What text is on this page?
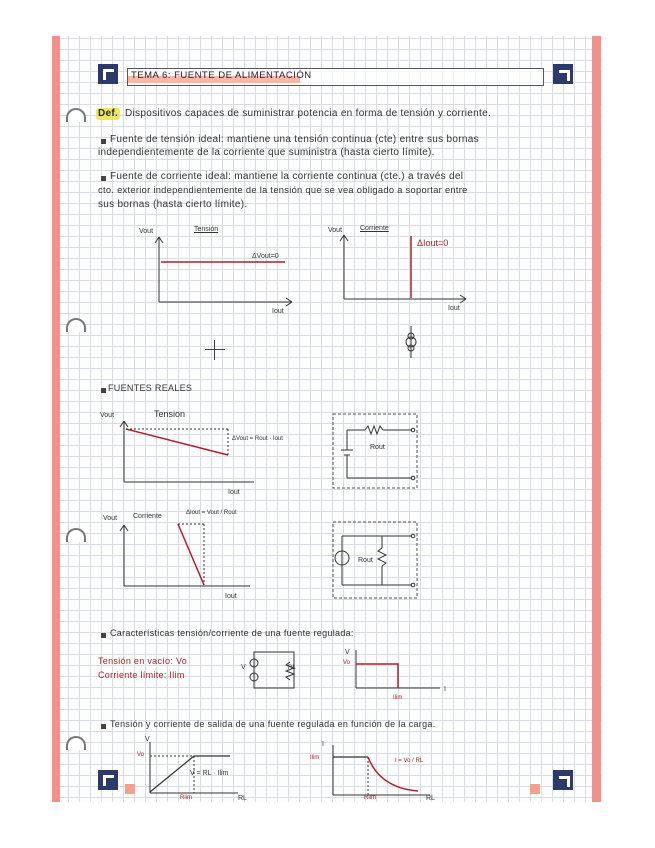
TEMA 6: FUENTE DE ALIMENTACIÓN
Def. Dispositivos capaces de suministrar potencia en forma de tensión y corriente.
Fuente de tensión ideal: mantiene una tensión continua (cte) entre sus bornas
independientemente de la corriente que suministra (hasta cierto límite).
Fuente de corriente ideal: mantiene la corriente continua (cte.) a través del
cto. exterior independientemente de la tensión que se vea obligado a soportar entre
sus bornas (hasta cierto límite).
Vout	Tensión
ΔVout=0
Iout
Vout	Corriente
ΔIout=0
Iout
FUENTES REALES
Vout	Tension
ΔVout = Rout · Iout
Iout
Vout Corriente	ΔIout = Vout / Rout
Iout
Rout
Rout
Características tensión/corriente de una fuente regulada:
Tensión en vacío: Vo
Corriente límite: Ilim
V	RL
V
Vo
I
Ilim
Tensión y corriente de salida de una fuente regulada en función de la carga.
V
Vo
V = RL · Ilim
Rlim	RL
I
Ilim	I = Vo / RL
Rlim	RL
